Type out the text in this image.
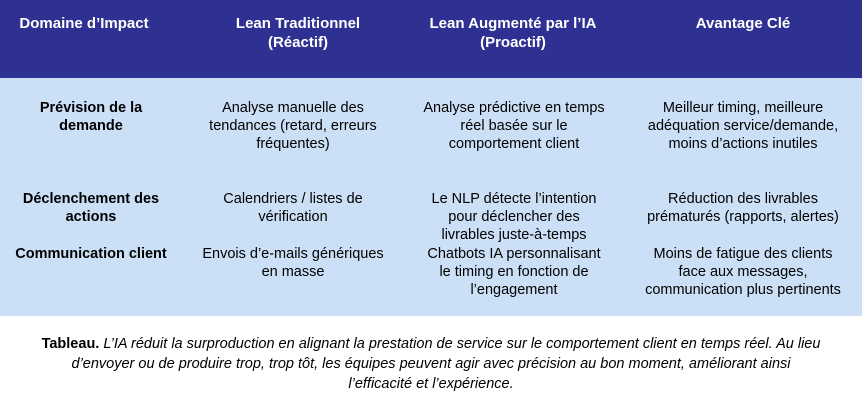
Domaine d’Impact	Lean Traditionnel
(Réactif)
Lean Augmenté par l’IA
(Proactif)
Avantage Clé
Prévision de la
demande
Analyse manuelle des
tendances (retard, erreurs
fréquentes)
Analyse prédictive en temps
réel basée sur le
comportement client
Meilleur timing, meilleure
adéquation service/demande,
moins d’actions inutiles
Déclenchement des
actions
Calendriers / listes de
vérification
Le NLP détecte l’intention
pour déclencher des
livrables juste-à-temps
Réduction des livrables
prématurés (rapports, alertes)
Communication client	Envois d’e-mails génériques
en masse
Chatbots IA personnalisant
le timing en fonction de
l’engagement
Moins de fatigue des clients
face aux messages,
communication plus pertinents
Tableau. L’IA réduit la surproduction en alignant la prestation de service sur le comportement client en temps réel. Au lieu
d’envoyer ou de produire trop, trop tôt, les équipes peuvent agir avec précision au bon moment, améliorant ainsi
l’efficacité et l’expérience.
